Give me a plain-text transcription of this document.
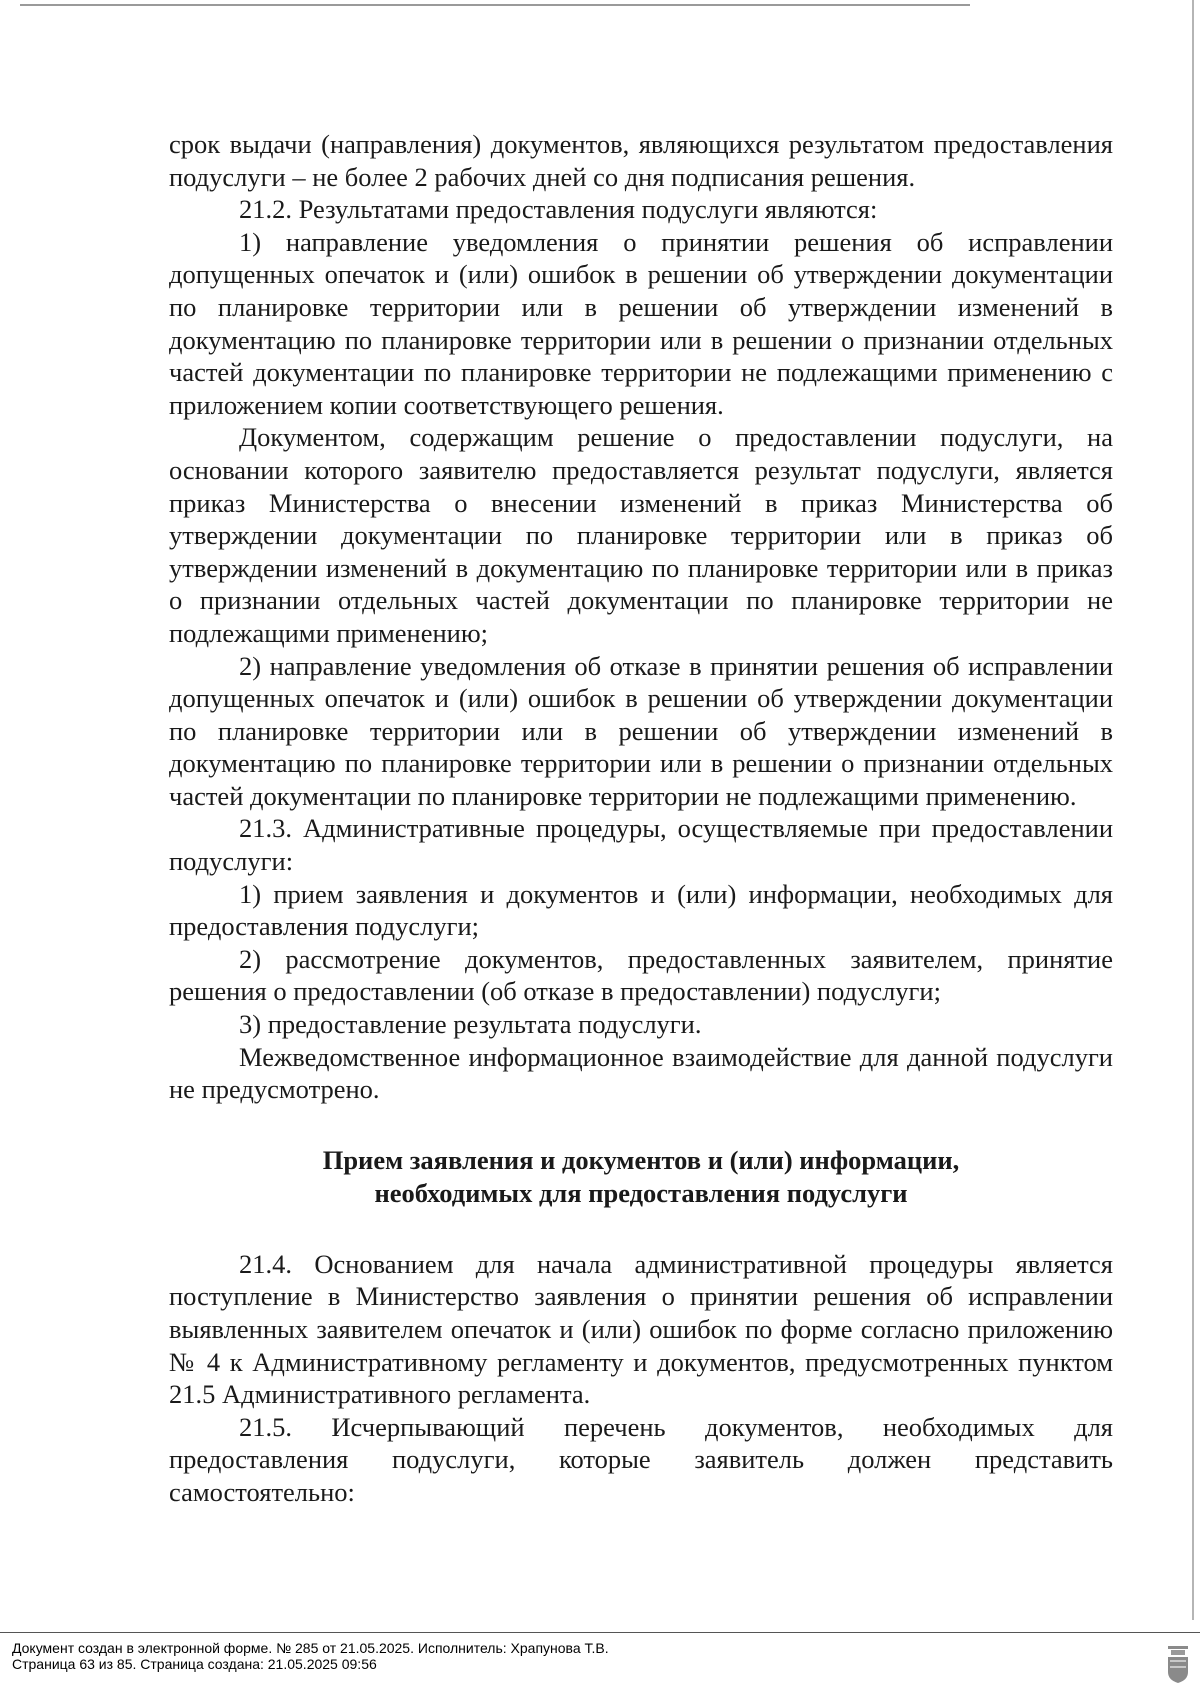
срок выдачи (направления) документов, являющихся результатом предоставления подуслуги – не более 2 рабочих дней со дня подписания решения.

21.2. Результатами предоставления подуслуги являются:

1) направление уведомления о принятии решения об исправлении допущенных опечаток и (или) ошибок в решении об утверждении документации по планировке территории или в решении об утверждении изменений в документацию по планировке территории или в решении о признании отдельных частей документации по планировке территории не подлежащими применению с приложением копии соответствующего решения.

Документом, содержащим решение о предоставлении подуслуги, на основании которого заявителю предоставляется результат подуслуги, является приказ Министерства о внесении изменений в приказ Министерства об утверждении документации по планировке территории или в приказ об утверждении изменений в документацию по планировке территории или в приказ о признании отдельных частей документации по планировке территории не подлежащими применению;

2) направление уведомления об отказе в принятии решения об исправлении допущенных опечаток и (или) ошибок в решении об утверждении документации по планировке территории или в решении об утверждении изменений в документацию по планировке территории или в решении о признании отдельных частей документации по планировке территории не подлежащими применению.

21.3. Административные процедуры, осуществляемые при предоставлении подуслуги:

1) прием заявления и документов и (или) информации, необходимых для предоставления подуслуги;

2) рассмотрение документов, предоставленных заявителем, принятие решения о предоставлении (об отказе в предоставлении) подуслуги;

3) предоставление результата подуслуги.

Межведомственное информационное взаимодействие для данной подуслуги не предусмотрено.

Прием заявления и документов и (или) информации,
необходимых для предоставления подуслуги

21.4. Основанием для начала административной процедуры является поступление в Министерство заявления о принятии решения об исправлении выявленных заявителем опечаток и (или) ошибок по форме согласно приложению № 4 к Административному регламенту и документов, предусмотренных пунктом 21.5 Административного регламента.

21.5. Исчерпывающий перечень документов, необходимых для предоставления подуслуги, которые заявитель должен представить самостоятельно:

Документ создан в электронной форме. № 285 от 21.05.2025. Исполнитель: Храпунова Т.В.
Страница 63 из 85. Страница создана: 21.05.2025 09:56
